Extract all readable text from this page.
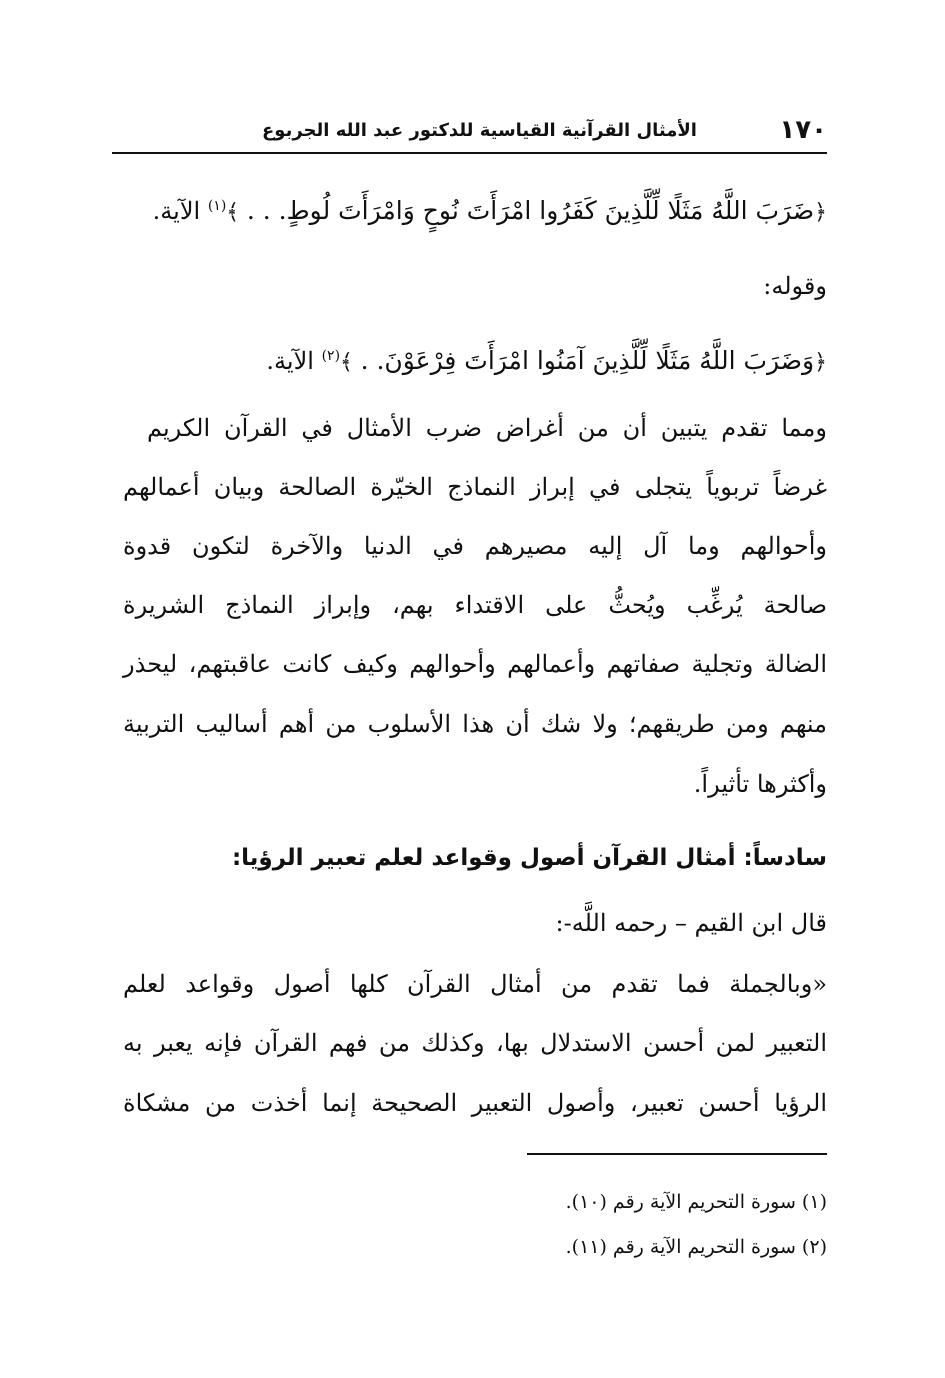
١٧٠
الأمثال القرآنية القياسية للدكتور عبد الله الجربوع
﴿ضَرَبَ اللَّهُ مَثَلًا لِّلَّذِينَ كَفَرُوا امْرَأَتَ نُوحٍ وَامْرَأَتَ لُوطٍ. . . ﴾$^{(١)}$ الآية.
وقوله:
﴿وَضَرَبَ اللَّهُ مَثَلًا لِّلَّذِينَ آمَنُوا امْرَأَتَ فِرْعَوْنَ. . ﴾$^{(٢)}$ الآية.
ومما تقدم يتبين أن من أغراض ضرب الأمثال في القرآن الكريم
غرضاً تربوياً يتجلى في إبراز النماذج الخيّرة الصالحة وبيان أعمالهم
وأحوالهم وما آل إليه مصيرهم في الدنيا والآخرة لتكون قدوة
صالحة يُرغِّب ويُحثُّ على الاقتداء بهم، وإبراز النماذج الشريرة
الضالة وتجلية صفاتهم وأعمالهم وأحوالهم وكيف كانت عاقبتهم، ليحذر
منهم ومن طريقهم؛ ولا شك أن هذا الأسلوب من أهم أساليب التربية
وأكثرها تأثيراً.
سادساً: أمثال القرآن أصول وقواعد لعلم تعبير الرؤيا:
قال ابن القيم – رحمه اللَّه-:
«وبالجملة فما تقدم من أمثال القرآن كلها أصول وقواعد لعلم
التعبير لمن أحسن الاستدلال بها، وكذلك من فهم القرآن فإنه يعبر به
الرؤيا أحسن تعبير، وأصول التعبير الصحيحة إنما أخذت من مشكاة
(١) سورة التحريم الآية رقم (١٠).
(٢) سورة التحريم الآية رقم (١١).
